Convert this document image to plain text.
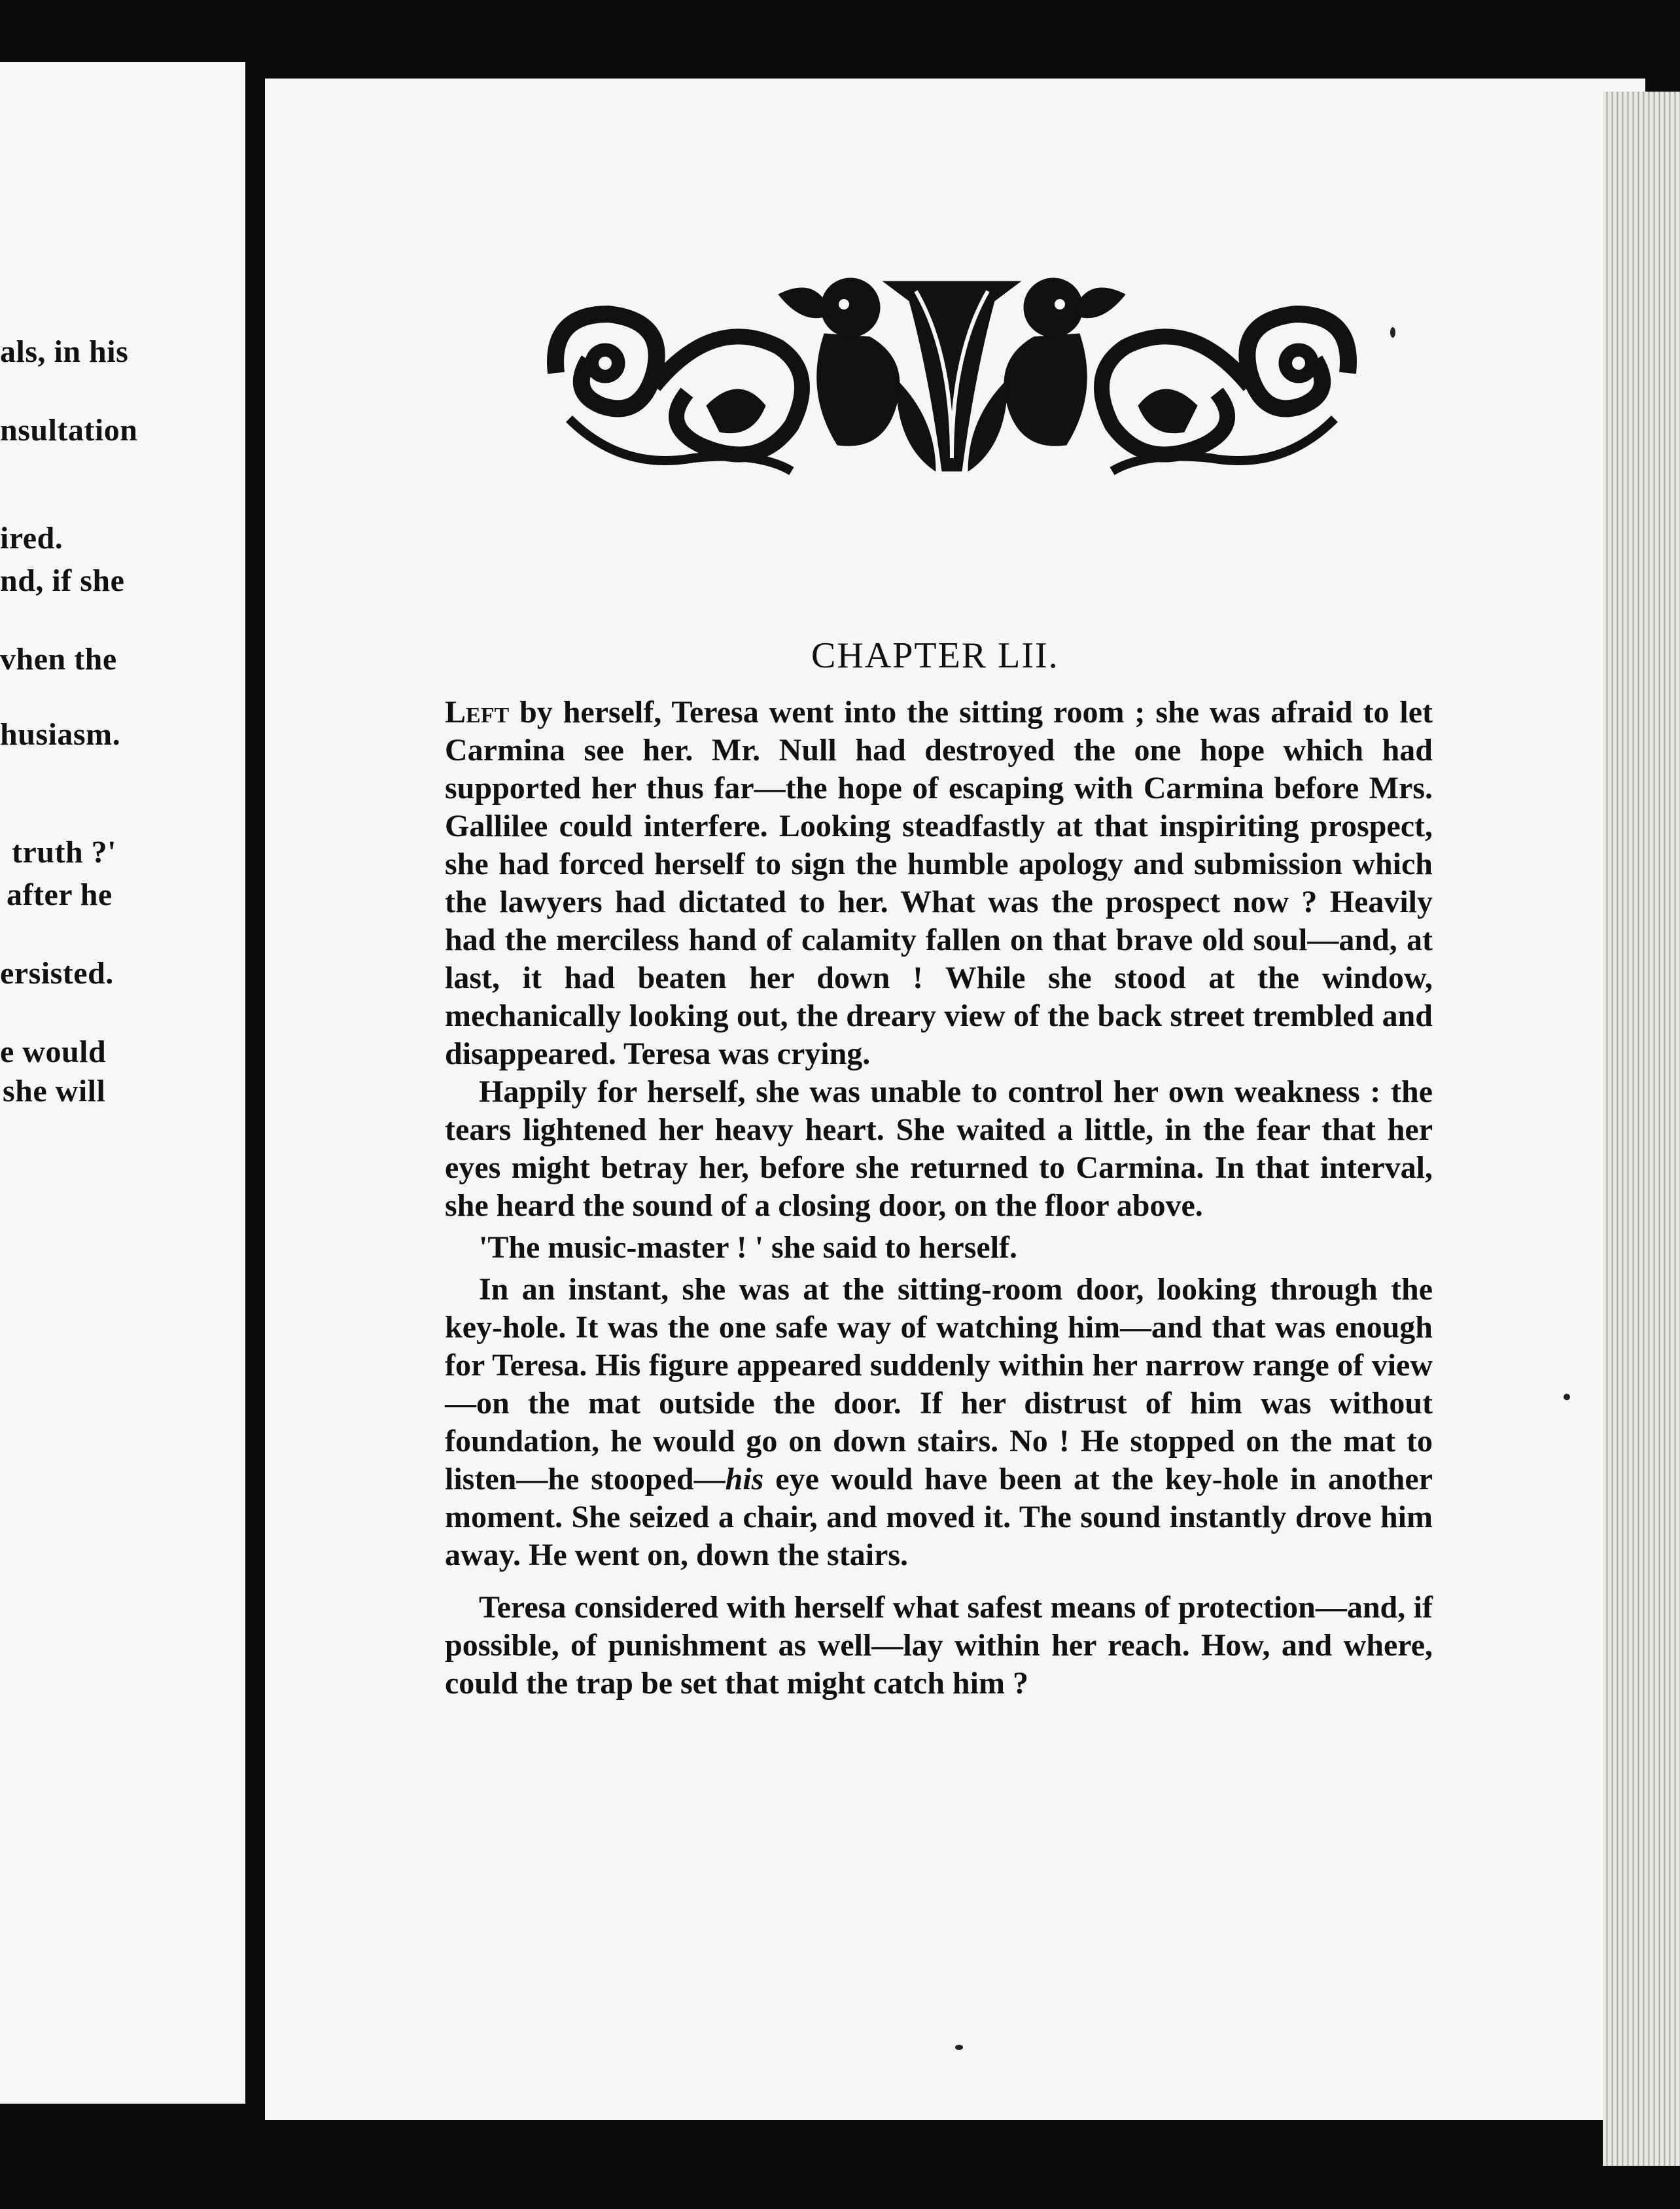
als, in his
nsultation
ired.
nd, if she
vhen the
husiasm.
truth ?'
after he
ersisted.
e would
she will
CHAPTER LII.

Left by herself, Teresa went into the sitting room ; she was afraid to let Carmina see her. Mr. Null had destroyed the one hope which had supported her thus far—the hope of escaping with Carmina before Mrs. Gallilee could interfere. Looking steadfastly at that inspiriting prospect, she had forced herself to sign the humble apology and submission which the lawyers had dictated to her. What was the prospect now ? Heavily had the merciless hand of calamity fallen on that brave old soul—and, at last, it had beaten her down ! While she stood at the window, mechanically looking out, the dreary view of the back street trembled and disappeared. Teresa was crying.

Happily for herself, she was unable to control her own weakness : the tears lightened her heavy heart. She waited a little, in the fear that her eyes might betray her, before she returned to Carmina. In that interval, she heard the sound of a closing door, on the floor above.

'The music-master ! ' she said to herself.

In an instant, she was at the sitting-room door, looking through the key-hole. It was the one safe way of watching him—and that was enough for Teresa. His figure appeared suddenly within her narrow range of view—on the mat outside the door. If her distrust of him was without foundation, he would go on down stairs. No ! He stopped on the mat to listen—he stooped—his eye would have been at the key-hole in another moment. She seized a chair, and moved it. The sound instantly drove him away. He went on, down the stairs.

Teresa considered with herself what safest means of protection—and, if possible, of punishment as well—lay within her reach. How, and where, could the trap be set that might catch him ?
